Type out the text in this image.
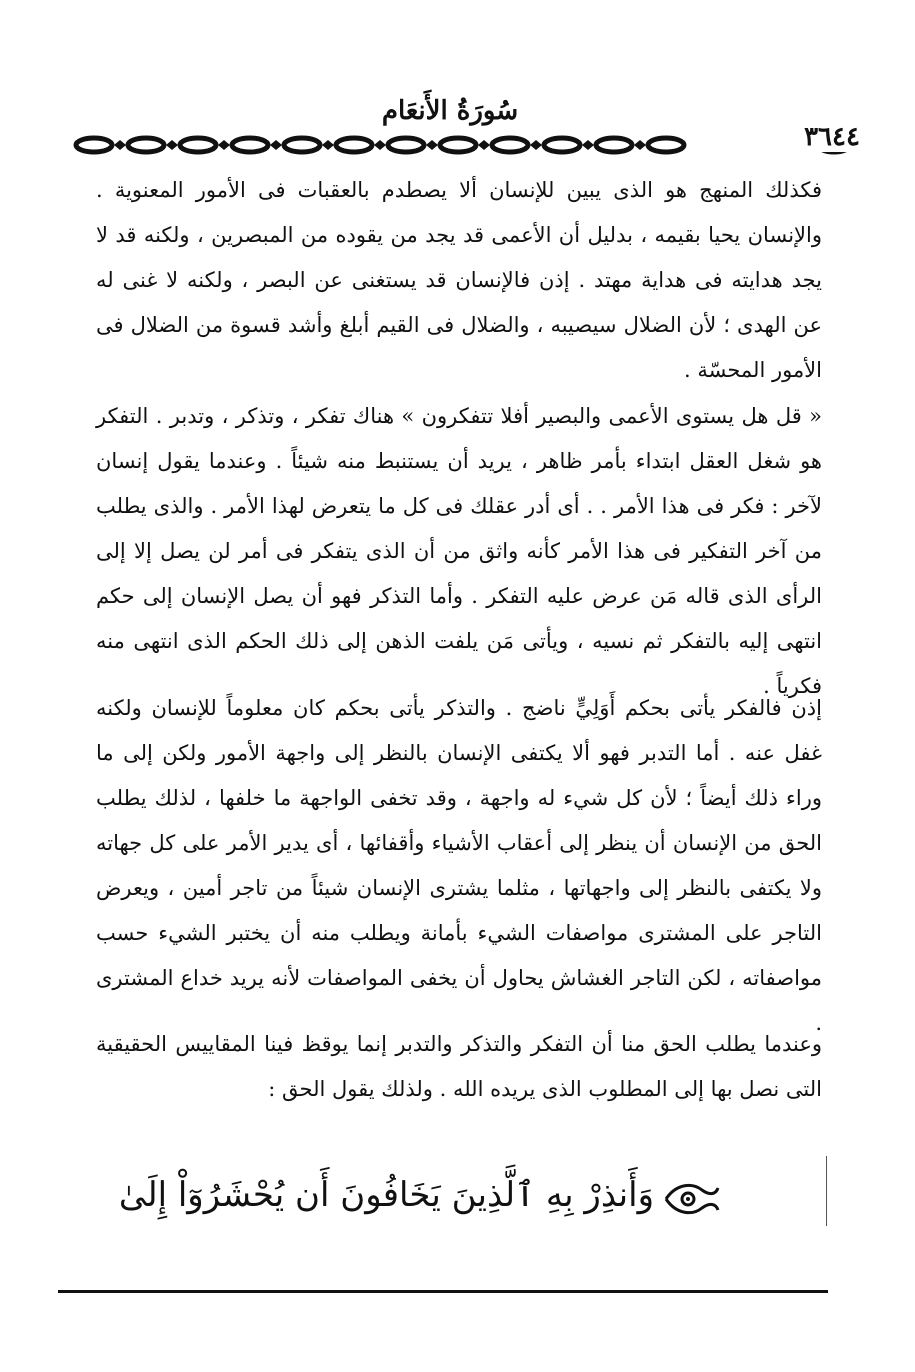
سُورَةُ الأَنعَام
٣٦٤٤

فكذلك المنهج هو الذى يبين للإنسان ألا يصطدم بالعقبات فى الأمور المعنوية . والإنسان يحيا بقيمه ، بدليل أن الأعمى قد يجد من يقوده من المبصرين ، ولكنه قد لا يجد هدايته فى هداية مهتد . إذن فالإنسان قد يستغنى عن البصر ، ولكنه لا غنى له عن الهدى ؛ لأن الضلال سيصيبه ، والضلال فى القيم أبلغ وأشد قسوة من الضلال فى الأمور المحسّة .

« قل هل يستوى الأعمى والبصير أفلا تتفكرون » هناك تفكر ، وتذكر ، وتدبر . التفكر هو شغل العقل ابتداء بأمر ظاهر ، يريد أن يستنبط منه شيئاً . وعندما يقول إنسان لآخر : فكر فى هذا الأمر . . أى أدر عقلك فى كل ما يتعرض لهذا الأمر . والذى يطلب من آخر التفكير فى هذا الأمر كأنه واثق من أن الذى يتفكر فى أمر لن يصل إلا إلى الرأى الذى قاله مَن عرض عليه التفكر . وأما التذكر فهو أن يصل الإنسان إلى حكم انتهى إليه بالتفكر ثم نسيه ، ويأتى مَن يلفت الذهن إلى ذلك الحكم الذى انتهى منه فكرياً .

إذن فالفكر يأتى بحكم أَوَلِيٍّ ناضج . والتذكر يأتى بحكم كان معلوماً للإنسان ولكنه غفل عنه . أما التدبر فهو ألا يكتفى الإنسان بالنظر إلى واجهة الأمور ولكن إلى ما وراء ذلك أيضاً ؛ لأن كل شيء له واجهة ، وقد تخفى الواجهة ما خلفها ، لذلك يطلب الحق من الإنسان أن ينظر إلى أعقاب الأشياء وأقفائها ، أى يدير الأمر على كل جهاته ولا يكتفى بالنظر إلى واجهاتها ، مثلما يشترى الإنسان شيئاً من تاجر أمين ، ويعرض التاجر على المشترى مواصفات الشيء بأمانة ويطلب منه أن يختبر الشيء حسب مواصفاته ، لكن التاجر الغشاش يحاول أن يخفى المواصفات لأنه يريد خداع المشترى .

وعندما يطلب الحق منا أن التفكر والتذكر والتدبر إنما يوقظ فينا المقاييس الحقيقية التى نصل بها إلى المطلوب الذى يريده الله . ولذلك يقول الحق :

وَأَنذِرْ بِهِ ٱلَّذِينَ يَخَافُونَ أَن يُحْشَرُوٓاْ إِلَىٰ
